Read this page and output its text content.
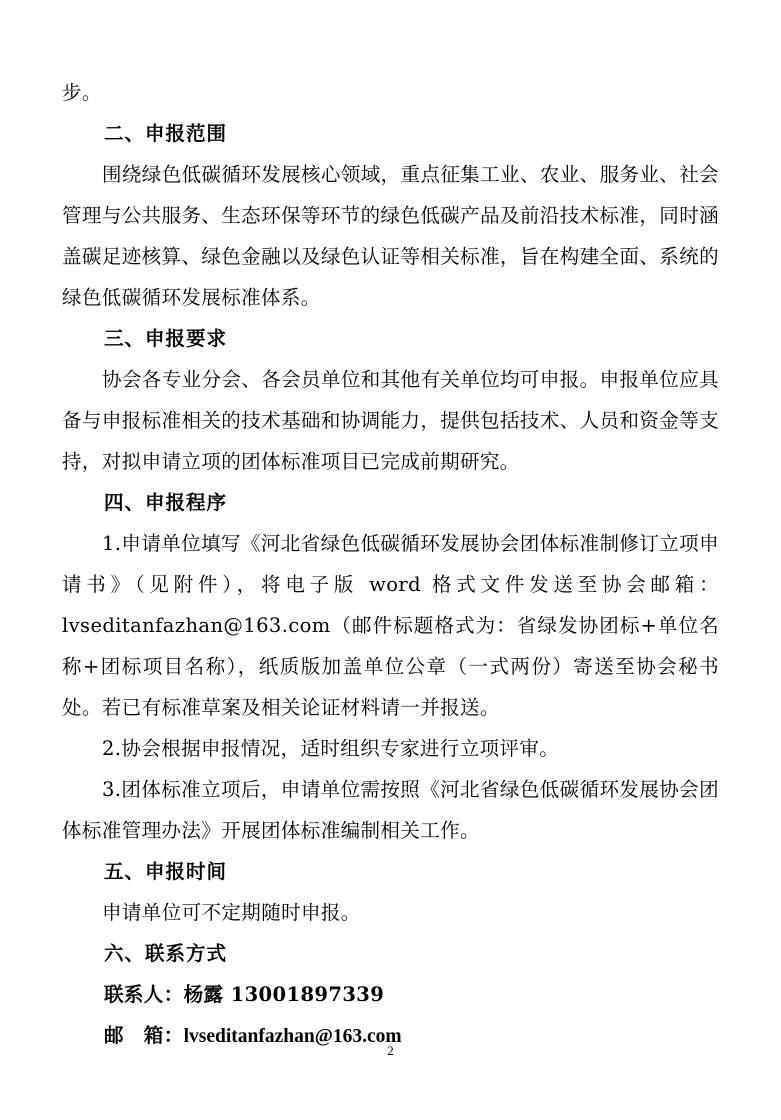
步。

二、申报范围

围绕绿色低碳循环发展核心领域，重点征集工业、农业、服务业、社会管理与公共服务、生态环保等环节的绿色低碳产品及前沿技术标准，同时涵盖碳足迹核算、绿色金融以及绿色认证等相关标准，旨在构建全面、系统的绿色低碳循环发展标准体系。

三、申报要求

协会各专业分会、各会员单位和其他有关单位均可申报。申报单位应具备与申报标准相关的技术基础和协调能力，提供包括技术、人员和资金等支持，对拟申请立项的团体标准项目已完成前期研究。

四、申报程序

1.申请单位填写《河北省绿色低碳循环发展协会团体标准制修订立项申请书》（见附件），将电子版 word 格式文件发送至协会邮箱：lvseditanfazhan@163.com（邮件标题格式为：省绿发协团标+单位名称+团标项目名称），纸质版加盖单位公章（一式两份）寄送至协会秘书处。若已有标准草案及相关论证材料请一并报送。

2.协会根据申报情况，适时组织专家进行立项评审。

3.团体标准立项后，申请单位需按照《河北省绿色低碳循环发展协会团体标准管理办法》开展团体标准编制相关工作。

五、申报时间

申请单位可不定期随时申报。

六、联系方式

联系人：杨露 13001897339

邮　箱：lvseditanfazhan@163.com

2
